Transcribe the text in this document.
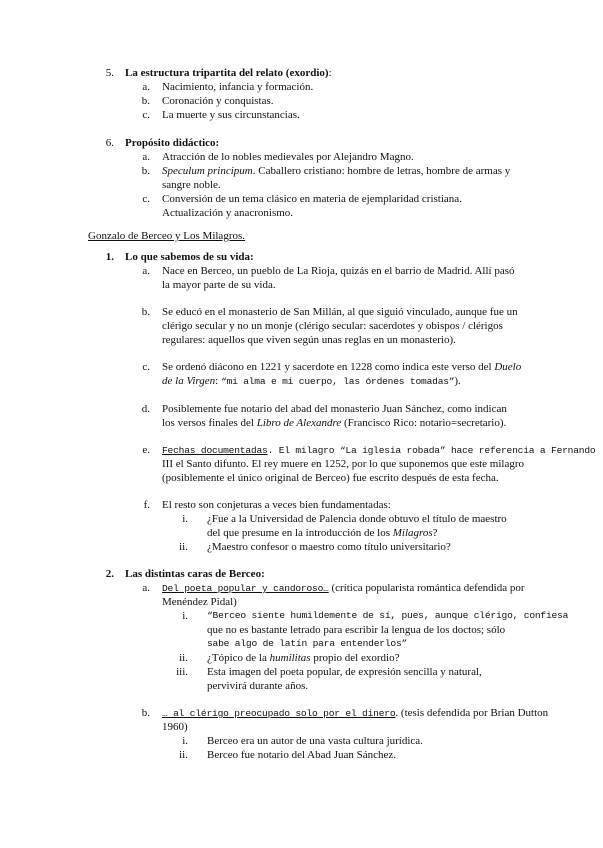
5. La estructura tripartita del relato (exordio):
a. Nacimiento, infancia y formación.
b. Coronación y conquistas.
c. La muerte y sus circunstancias.
6. Propósito didáctico:
a. Atracción de lo nobles medievales por Alejandro Magno.
b. Speculum principum. Caballero cristiano: hombre de letras, hombre de armas y
sangre noble.
c. Conversión de un tema clásico en materia de ejemplaridad cristiana.
Actualización y anacronismo.
Gonzalo de Berceo y Los Milagros.
1. Lo que sabemos de su vida:
a. Nace en Berceo, un pueblo de La Rioja, quizás en el barrio de Madrid. Allí pasó
la mayor parte de su vida.
b. Se educó en el monasterio de San Millán, al que siguió vinculado, aunque fue un
clérigo secular y no un monje (clérigo secular: sacerdotes y obispos / clérigos
regulares: aquellos que viven según unas reglas en un monasterio).
c. Se ordenó diácono en 1221 y sacerdote en 1228 como indica este verso del Duelo
de la Virgen: “mi alma e mi cuerpo, las órdenes tomadas”).
d. Posiblemente fue notario del abad del monasterio Juan Sánchez, como indican
los versos finales del Libro de Alexandre (Francisco Rico: notario=secretario).
e. Fechas documentadas. El milagro “La iglesia robada” hace referencia a Fernando
III el Santo difunto. El rey muere en 1252, por lo que suponemos que este milagro
(posiblemente el único original de Berceo) fue escrito después de esta fecha.
f. El resto son conjeturas a veces bien fundamentadas:
i. ¿Fue a la Universidad de Palencia donde obtuvo el título de maestro
del que presume en la introducción de los Milagros?
ii. ¿Maestro confesor o maestro como título universitario?
2. Las distintas caras de Berceo:
a. Del poeta popular y candoroso… (crítica popularista romántica defendida por
Menéndez Pidal)
i. “Berceo siente humildemente de sí, pues, aunque clérigo, confiesa
que no es bastante letrado para escribir la lengua de los doctos; sólo
sabe algo de latín para entenderlos”
ii. ¿Tópico de la humilitas propio del exordio?
iii. Esta imagen del poeta popular, de expresión sencilla y natural,
pervivirá durante años.
b. … al clérigo preocupado solo por el dinero. (tesis defendida por Brian Dutton
1960)
i. Berceo era un autor de una vasta cultura jurídica.
ii. Berceo fue notario del Abad Juan Sánchez.
